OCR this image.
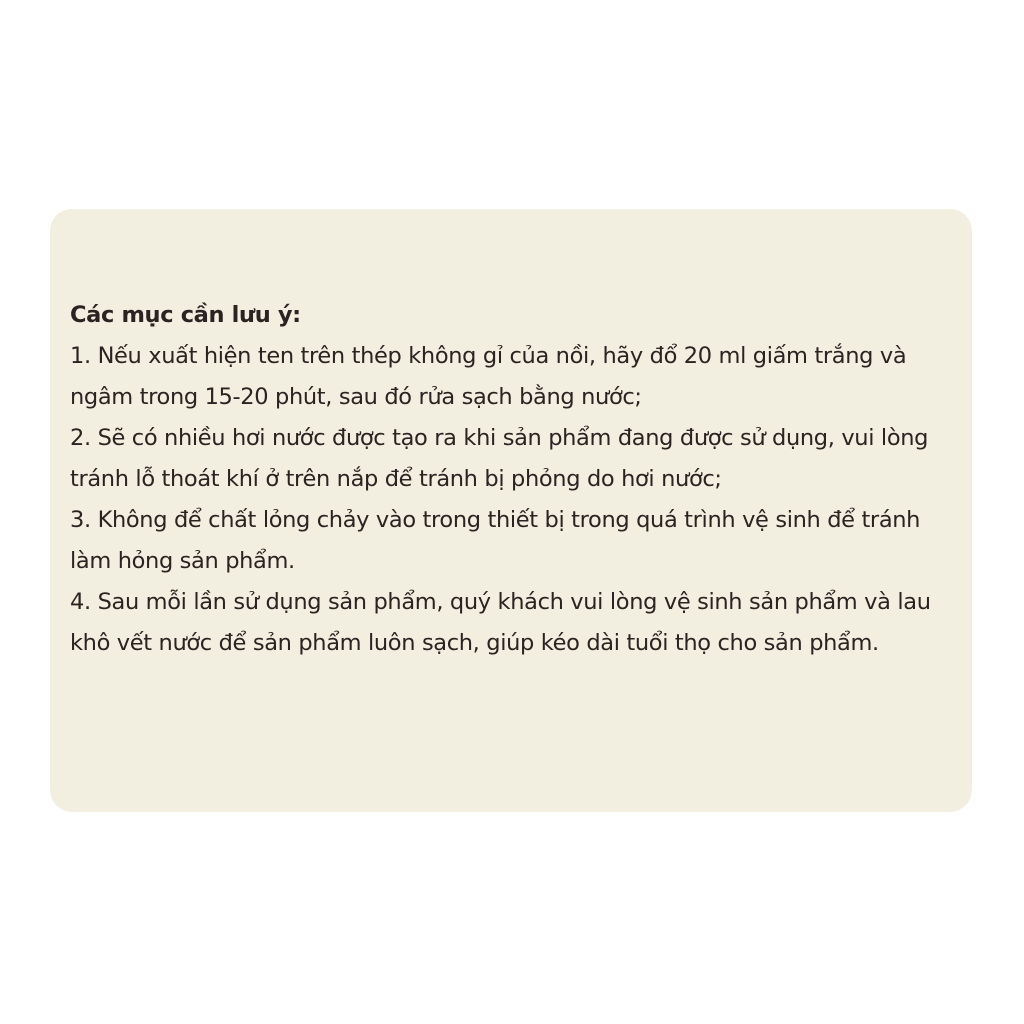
Các mục cần lưu ý:
1. Nếu xuất hiện ten trên thép không gỉ của nồi, hãy đổ 20 ml giấm trắng và ngâm trong 15-20 phút, sau đó rửa sạch bằng nước;
2. Sẽ có nhiều hơi nước được tạo ra khi sản phẩm đang được sử dụng, vui lòng tránh lỗ thoát khí ở trên nắp để tránh bị phỏng do hơi nước;
3. Không để chất lỏng chảy vào trong thiết bị trong quá trình vệ sinh để tránh làm hỏng sản phẩm.
4. Sau mỗi lần sử dụng sản phẩm, quý khách vui lòng vệ sinh sản phẩm và lau khô vết nước để sản phẩm luôn sạch, giúp kéo dài tuổi thọ cho sản phẩm.
